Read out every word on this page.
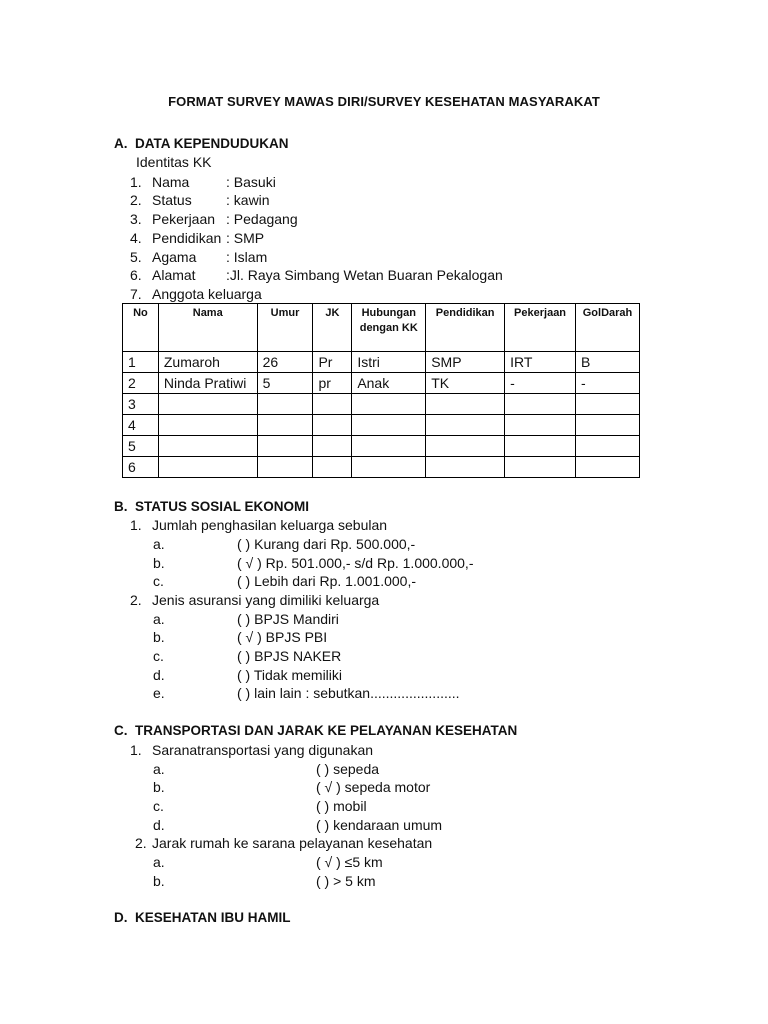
FORMAT SURVEY MAWAS DIRI/SURVEY KESEHATAN MASYARAKAT
A. DATA KEPENDUDUKAN
Identitas KK
1. Nama	: Basuki
2. Status : kawin
3. Pekerjaan : Pedagang
4. Pendidikan : SMP
5. Agama : Islam
6. Alamat :Jl. Raya Simbang Wetan Buaran Pekalogan
7. Anggota keluarga
No	Nama	Umur	JK	Hubungan dengan KK	Pendidikan	Pekerjaan	GolDarah
1	Zumaroh	26	Pr	Istri	SMP	IRT	B
2	Ninda Pratiwi	5	pr	Anak	TK	-	-
3							
4							
5							
6							
B. STATUS SOSIAL EKONOMI
1. Jumlah penghasilan keluarga sebulan
a.	( ) Kurang dari Rp. 500.000,-
b.	( √ ) Rp. 501.000,- s/d Rp. 1.000.000,-
c.	( ) Lebih dari Rp. 1.001.000,-
2. Jenis asuransi yang dimiliki keluarga
a.	( ) BPJS Mandiri
b.	( √ ) BPJS PBI
c.	( ) BPJS NAKER
d.	( ) Tidak memiliki
e.	( ) lain lain : sebutkan.......................
C. TRANSPORTASI DAN JARAK KE PELAYANAN KESEHATAN
1. Saranatransportasi yang digunakan
a.	( ) sepeda
b.	( √ ) sepeda motor
c.	( ) mobil
d.	( ) kendaraan umum
2. Jarak rumah ke sarana pelayanan kesehatan
a.	( √ ) ≤5 km
b.	( ) > 5 km
D. KESEHATAN IBU HAMIL
